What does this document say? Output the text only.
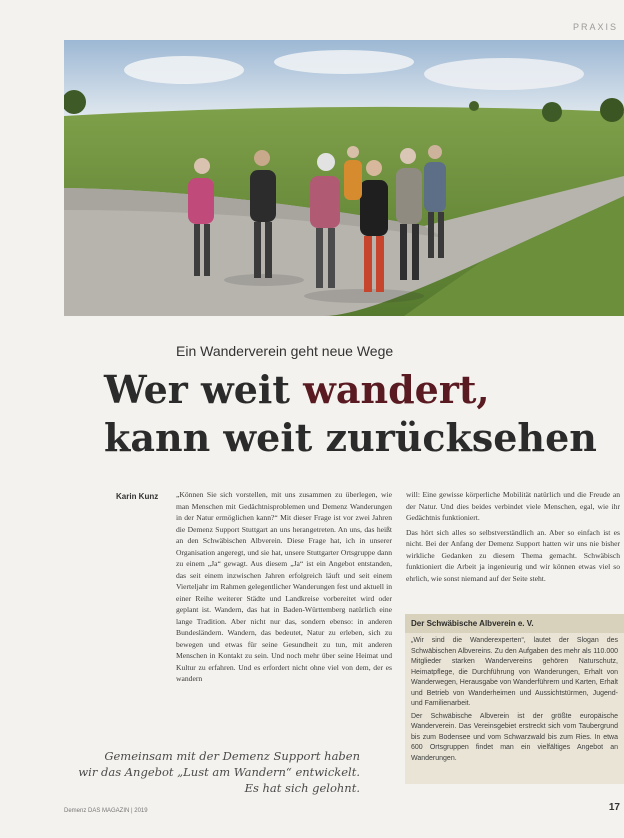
PRAXIS
Ein Wanderverein geht neue Wege
Wer weit wandert,
kann weit zurücksehen
Karin Kunz „Können Sie sich vorstellen, mit uns zusammen zu überlegen, wie man Menschen mit Gedächtnisproblemen und Demenz Wanderungen in der Natur ermöglichen kann?“ Mit dieser Frage ist vor zwei Jahren die Demenz Support Stuttgart an uns herangetreten. An uns, das heißt an den Schwäbischen Albverein. Diese Frage hat, ich in unserer Organisation angeregt, und sie hat, unsere Stuttgarter Ortsgruppe dann zu einem „Ja“ gewagt. Aus diesem „Ja“ ist ein Angebot entstanden, das seit einem inzwischen Jahren erfolgreich läuft und seit einem Vierteljahr im Rahmen gelegentlicher Wanderungen fest und aktuell in einer Reihe weiterer Städte und Landkreise vorbereitet wird oder geplant ist. Wandern, das hat in Baden-Württemberg natürlich eine lange Tradition. Aber nicht nur das, sondern ebenso: in anderen Bundesländern. Wandern, das bedeutet, Natur zu erleben, sich zu bewegen und etwas für seine Gesundheit zu tun, mit anderen Menschen in Kontakt zu sein. Und noch mehr über seine Heimat und Kultur zu erfahren. Und es erfordert nicht ohne viel von dem, der es wandern

will: Eine gewisse körperliche Mobilität natürlich und die Freude an der Natur. Und dies beides verbindet viele Menschen, egal, wie ihr Gedächtnis funktioniert.

Das hört sich alles so selbstverständlich an. Aber so einfach ist es nicht. Bei der Anfang der Demenz Support hatten wir uns nie bisher wirkliche Gedanken zu diesem Thema gemacht. Schwäbisch funktioniert die Arbeit ja ingenieurig und wir können etwas viel so ehrlich, wie sonst niemand auf der Seite steht.

Der Schwäbische Albverein e. V.

„Wir sind die Wanderexperten“, lautet der Slogan des Schwäbischen Albvereins. Zu den Aufgaben des mehr als 110.000 Mitglieder starken Wandervereins gehören Naturschutz, Heimatpflege, die Durchführung von Wanderungen, Erhalt von Wanderwegen, Herausgabe von Wanderführern und Karten, Erhalt und Betrieb von Wanderheimen und Aussichtstürmen, Jugend- und Familienarbeit.

Der Schwäbische Albverein ist der größte europäische Wanderverein. Das Vereinsgebiet erstreckt sich vom Taubergrund bis zum Bodensee und vom Schwarzwald bis zum Ries. In etwa 600 Ortsgruppen findet man ein vielfältiges Angebot an Wanderungen.

Gemeinsam mit der Demenz Support haben
wir das Angebot „Lust am Wandern“ entwickelt.
Es hat sich gelohnt.
Demenz DAS MAGAZIN | 2019	17
